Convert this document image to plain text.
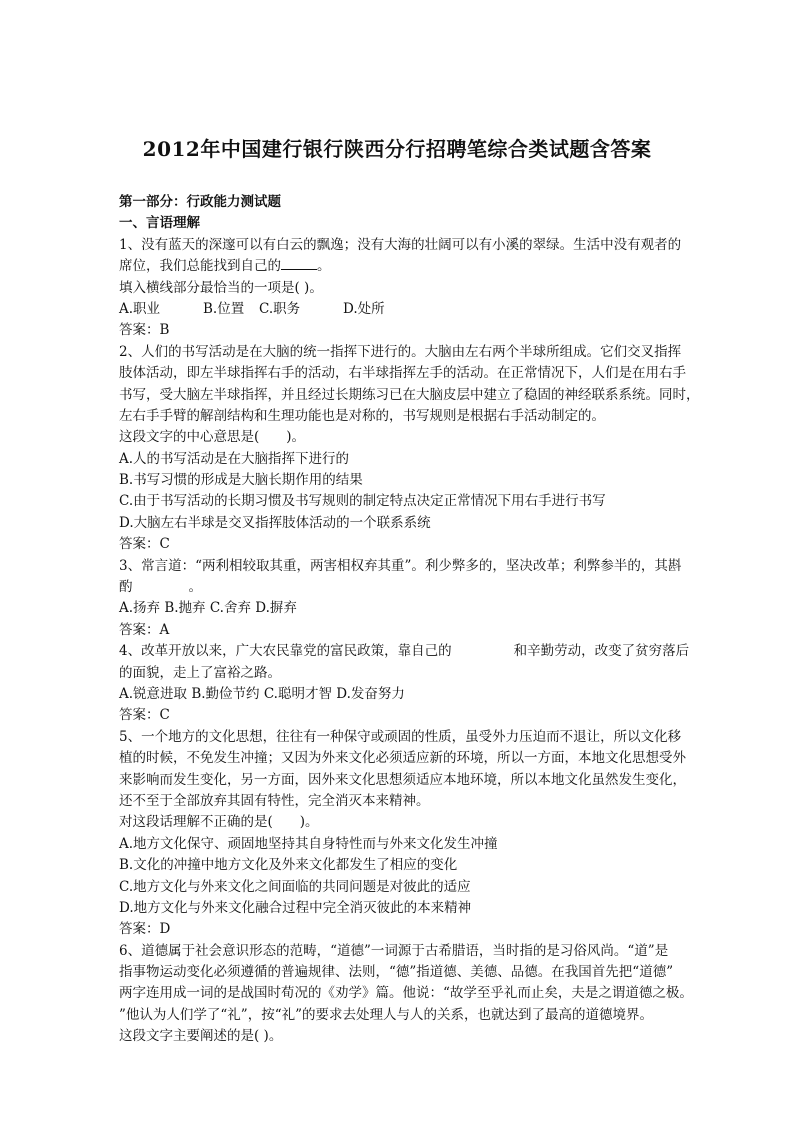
2012年中国建行银行陕西分行招聘笔综合类试题含答案
第一部分：行政能力测试题
一、言语理解
1、没有蓝天的深邃可以有白云的飘逸；没有大海的壮阔可以有小溪的翠绿。生活中没有观者的
席位，我们总能找到自己的	。
填入横线部分最恰当的一项是( )。
A.职业	B.位置 C.职务	D.处所
答案：B
2、人们的书写活动是在大脑的统一指挥下进行的。大脑由左右两个半球所组成。它们交叉指挥
肢体活动，即左半球指挥右手的活动，右半球指挥左手的活动。在正常情况下，人们是在用右手
书写，受大脑左半球指挥，并且经过长期练习已在大脑皮层中建立了稳固的神经联系系统。同时，
左右手手臂的解剖结构和生理功能也是对称的，书写规则是根据右手活动制定的。
这段文字的中心意思是(　　)。
A.人的书写活动是在大脑指挥下进行的
B.书写习惯的形成是大脑长期作用的结果
C.由于书写活动的长期习惯及书写规则的制定特点决定正常情况下用右手进行书写
D.大脑左右半球是交叉指挥肢体活动的一个联系系统
答案：C
3、常言道：“两利相较取其重，两害相权弃其重”。利少弊多的，坚决改革；利弊参半的，其斟
酌	。
A.扬弃 B.抛弃 C.舍弃 D.摒弃
答案：A
4、改革开放以来，广大农民靠党的富民政策，靠自己的	和辛勤劳动，改变了贫穷落后
的面貌，走上了富裕之路。
A.锐意进取 B.勤俭节约 C.聪明才智 D.发奋努力
答案：C
5、一个地方的文化思想，往往有一种保守或顽固的性质，虽受外力压迫而不退让，所以文化移
植的时候，不免发生冲撞；又因为外来文化必须适应新的环境，所以一方面，本地文化思想受外
来影响而发生变化，另一方面，因外来文化思想须适应本地环境，所以本地文化虽然发生变化，
还不至于全部放弃其固有特性，完全消灭本来精神。
对这段话理解不正确的是(　　)。
A.地方文化保守、顽固地坚持其自身特性而与外来文化发生冲撞
B.文化的冲撞中地方文化及外来文化都发生了相应的变化
C.地方文化与外来文化之间面临的共同问题是对彼此的适应
D.地方文化与外来文化融合过程中完全消灭彼此的本来精神
答案：D
6、道德属于社会意识形态的范畴，“道德”一词源于古希腊语，当时指的是习俗风尚。“道”是
指事物运动变化必须遵循的普遍规律、法则，“德”指道德、美德、品德。在我国首先把“道德”
两字连用成一词的是战国时荀况的《劝学》篇。他说：“故学至乎礼而止矣，夫是之谓道德之极。
”他认为人们学了“礼”，按“礼”的要求去处理人与人的关系，也就达到了最高的道德境界。
这段文字主要阐述的是( )。
